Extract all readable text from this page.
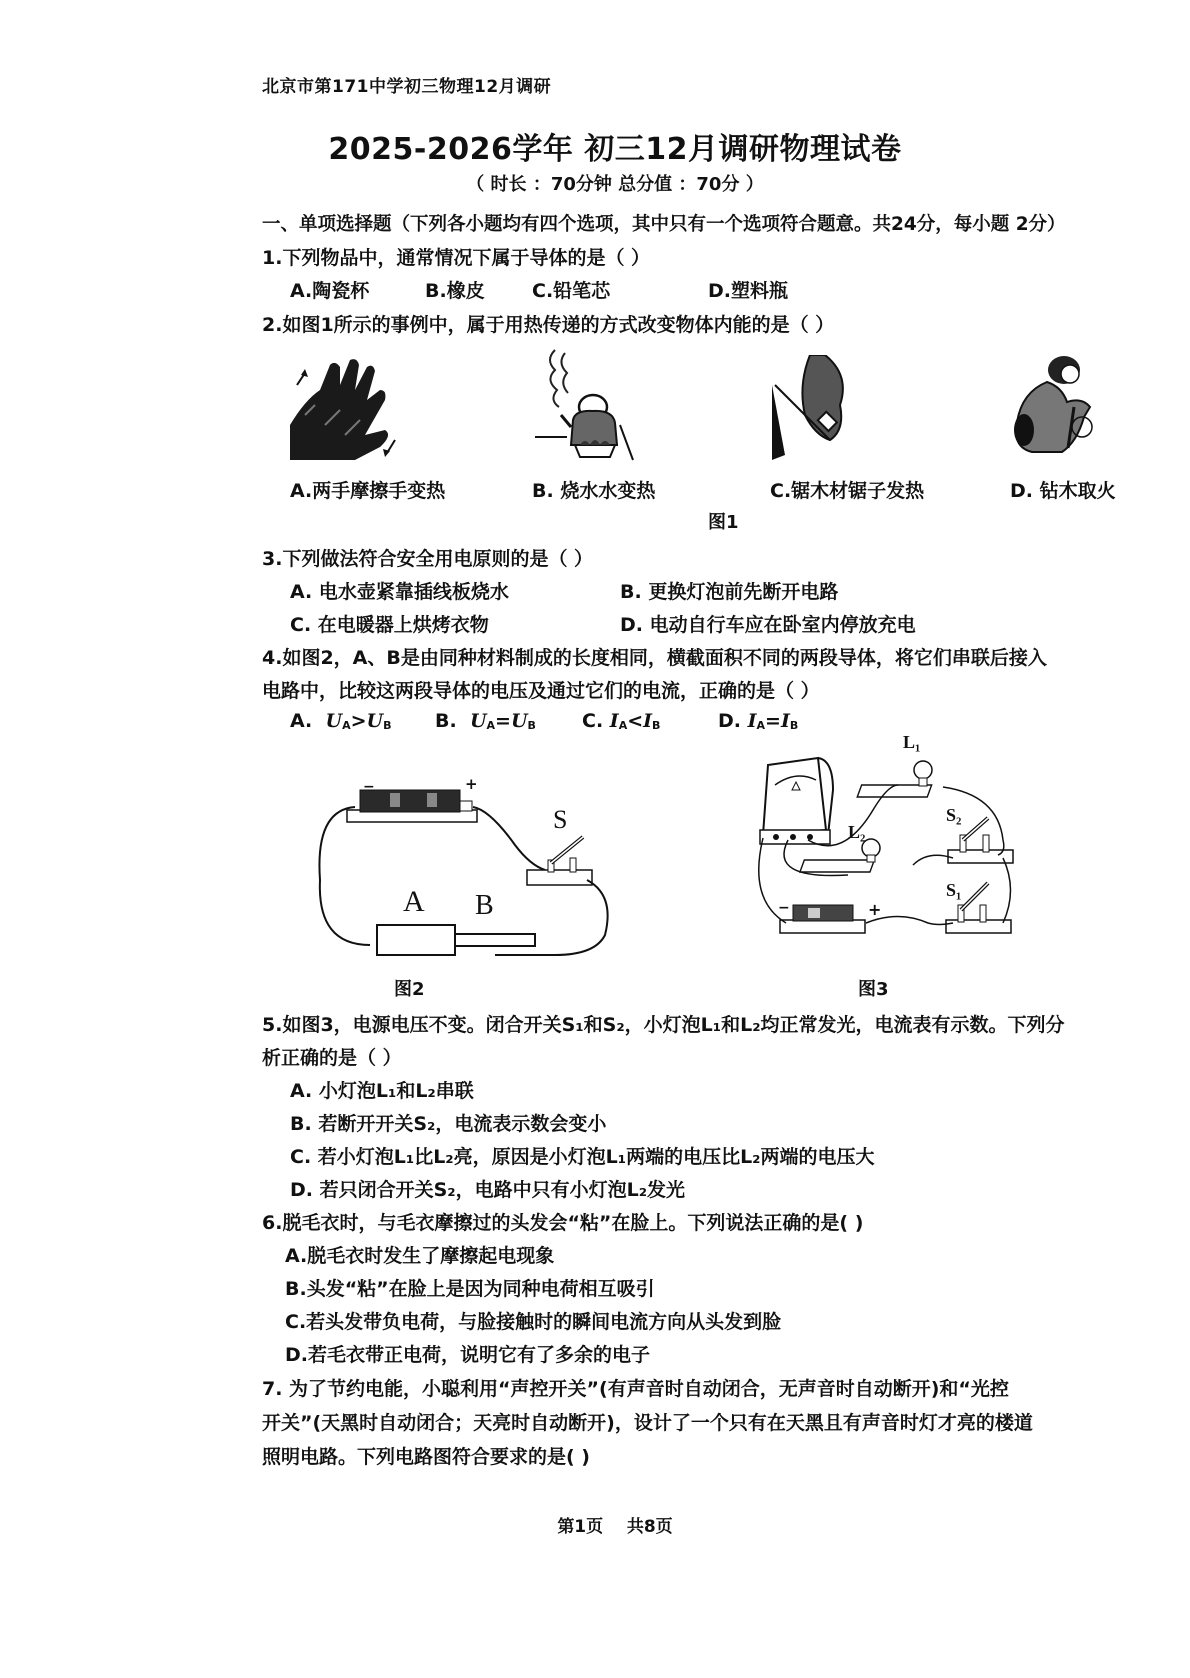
北京市第171中学初三物理12月调研
2025-2026学年 初三12月调研物理试卷
（ 时长 ：70分钟 总分值 ：70分 ）
一、单项选择题（下列各小题均有四个选项，其中只有一个选项符合题意。共24分，每小题 2分）
1.下列物品中，通常情况下属于导体的是（ ）
A.陶瓷杯	B.橡皮 C.铅笔芯	D.塑料瓶
2.如图1所示的事例中，属于用热传递的方式改变物体内能的是（ ）
A.两手摩擦手变热	B. 烧水水变热	C.锯木材锯子发热	D. 钻木取火
图1
3.下列做法符合安全用电原则的是（ ）
A. 电水壶紧靠插线板烧水	B. 更换灯泡前先断开电路
C. 在电暖器上烘烤衣物	D. 电动自行车应在卧室内停放充电
4.如图2，A、B是由同种材料制成的长度相同，横截面积不同的两段导体，将它们串联后接入
电路中，比较这两段导体的电压及通过它们的电流，正确的是（ ）
A. $U_A>U_B$ B. $U_A=U_B$ C. $I_A<I_B$	D. $I_A=I_B$
−	+
S
A B
图2
L₁
L₂
S₂
S₁
−	+
图3
5.如图3，电源电压不变。闭合开关S₁和S₂，小灯泡L₁和L₂均正常发光，电流表有示数。下列分
析正确的是（ ）
A. 小灯泡L₁和L₂串联
B. 若断开开关S₂，电流表示数会变小
C. 若小灯泡L₁比L₂亮，原因是小灯泡L₁两端的电压比L₂两端的电压大
D. 若只闭合开关S₂，电路中只有小灯泡L₂发光
6.脱毛衣时，与毛衣摩擦过的头发会“粘”在脸上。下列说法正确的是( )
A.脱毛衣时发生了摩擦起电现象
B.头发“粘”在脸上是因为同种电荷相互吸引
C.若头发带负电荷，与脸接触时的瞬间电流方向从头发到脸
D.若毛衣带正电荷，说明它有了多余的电子
7. 为了节约电能，小聪利用“声控开关”(有声音时自动闭合，无声音时自动断开)和“光控
开关”(天黑时自动闭合；天亮时自动断开)，设计了一个只有在天黑且有声音时灯才亮的楼道
照明电路。下列电路图符合要求的是( )
第1页 共8页
